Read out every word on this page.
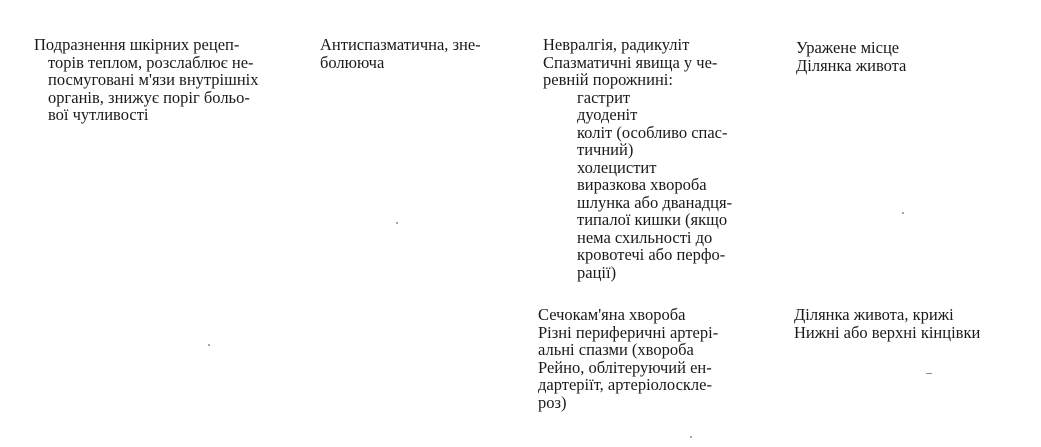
Подразнення шкірних рецеп-
торів теплом, розслаблює не-
посмуговані м'язи внутрішніх
органів, знижує поріг больо-
вої чутливості
Антиспазматична, зне-
болююча
Невралгія, радикуліт
Спазматичні явища у че-
ревній порожнині:
гастрит
дуоденіт
коліт (особливо спас-
тичний)
холецистит
виразкова хвороба
шлунка або дванадця-
типалої кишки (якщо
нема схильності до
кровотечі або перфо-
рації)
Уражене місце
Ділянка живота
Сечокам'яна хвороба
Різні периферичні артері-
альні спазми (хвороба
Рейно, облітеруючий ен-
дартеріїт, артеріолоскле-
роз)
Ділянка живота, крижі
Нижні або верхні кінцівки
